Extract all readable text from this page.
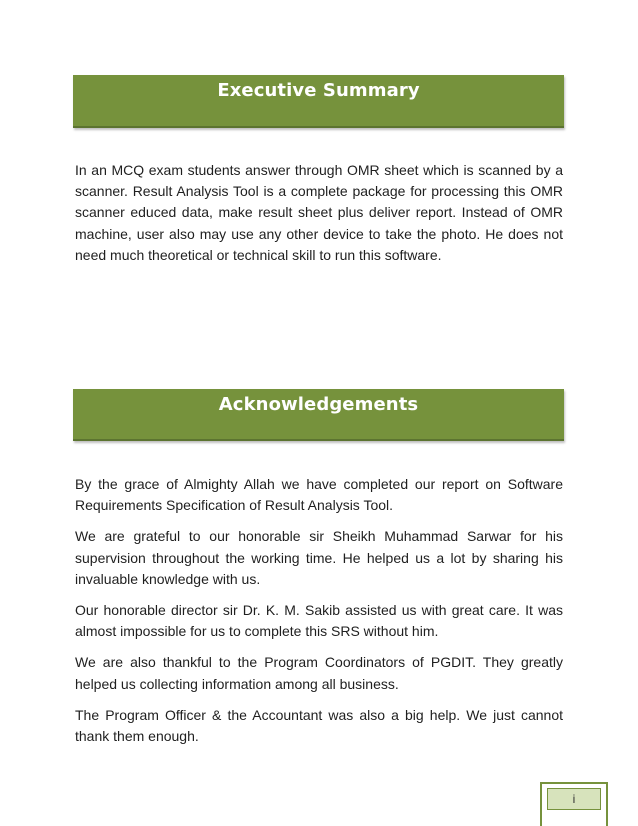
Executive Summary

In an MCQ exam students answer through OMR sheet which is scanned by a scanner. Result Analysis Tool is a complete package for processing this OMR scanner educed data, make result sheet plus deliver report. Instead of OMR machine, user also may use any other device to take the photo. He does not need much theoretical or technical skill to run this software.

Acknowledgements

By the grace of Almighty Allah we have completed our report on Software Requirements Specification of Result Analysis Tool.

We are grateful to our honorable sir Sheikh Muhammad Sarwar for his supervision throughout the working time. He helped us a lot by sharing his invaluable knowledge with us.

Our honorable director sir Dr. K. M. Sakib assisted us with great care. It was almost impossible for us to complete this SRS without him.

We are also thankful to the Program Coordinators of PGDIT. They greatly helped us collecting information among all business.

The Program Officer & the Accountant was also a big help. We just cannot thank them enough.

i
